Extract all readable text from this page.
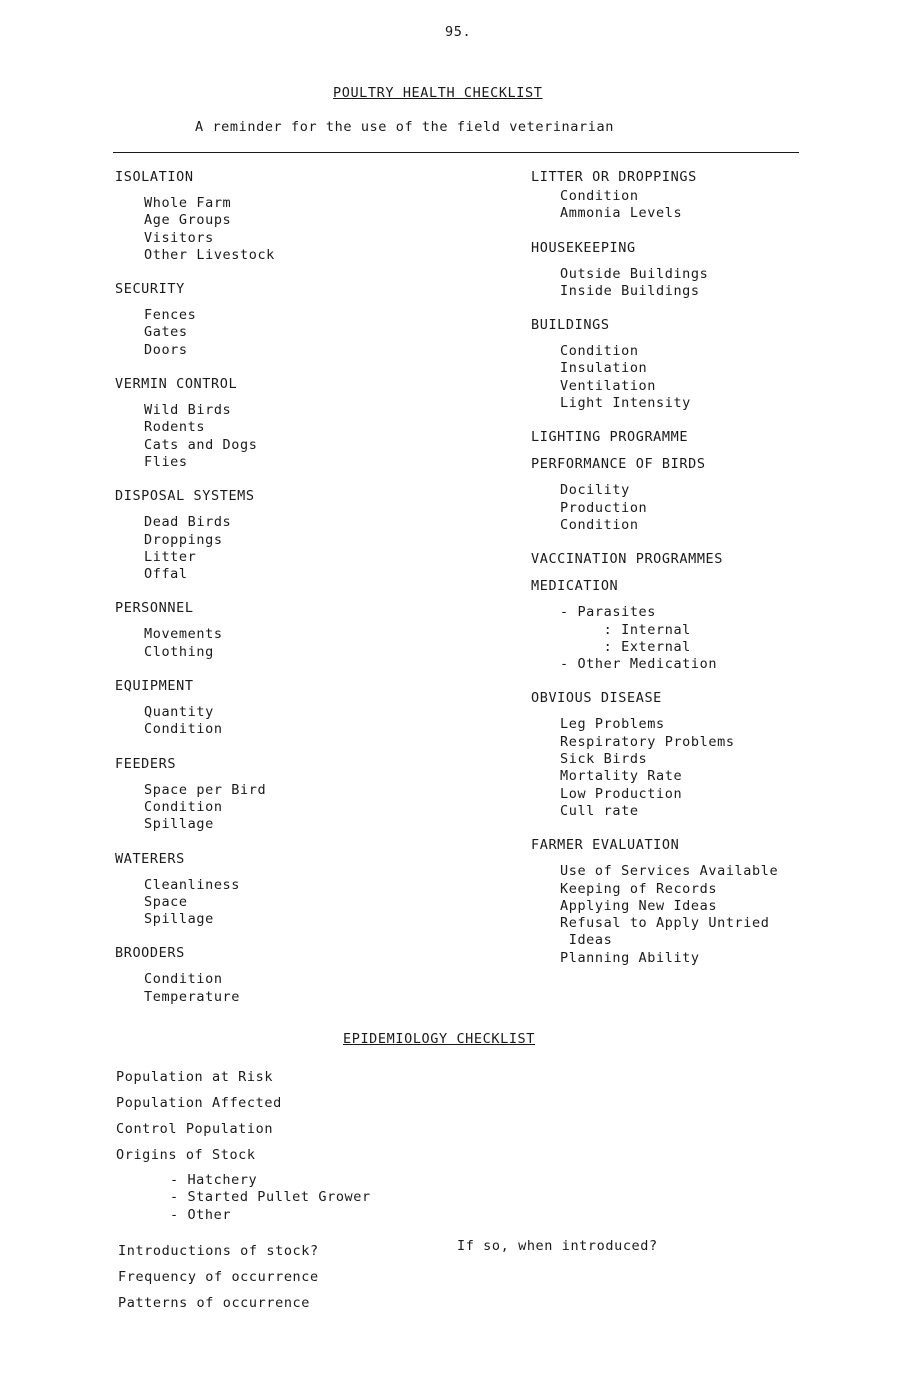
95.
POULTRY HEALTH CHECKLIST
A reminder for the use of the field veterinarian
ISOLATION
Whole Farm
Age Groups
Visitors
Other Livestock
SECURITY
Fences
Gates
Doors
VERMIN CONTROL
Wild Birds
Rodents
Cats and Dogs
Flies
DISPOSAL SYSTEMS
Dead Birds
Droppings
Litter
Offal
PERSONNEL
Movements
Clothing
EQUIPMENT
Quantity
Condition
FEEDERS
Space per Bird
Condition
Spillage
WATERERS
Cleanliness
Space
Spillage
BROODERS
Condition
Temperature
LITTER OR DROPPINGS
Condition
Ammonia Levels
HOUSEKEEPING
Outside Buildings
Inside Buildings
BUILDINGS
Condition
Insulation
Ventilation
Light Intensity
LIGHTING PROGRAMME
PERFORMANCE OF BIRDS
Docility
Production
Condition
VACCINATION PROGRAMMES
MEDICATION
- Parasites
: Internal
: External
- Other Medication
OBVIOUS DISEASE
Leg Problems
Respiratory Problems
Sick Birds
Mortality Rate
Low Production
Cull rate
FARMER EVALUATION
Use of Services Available
Keeping of Records
Applying New Ideas
Refusal to Apply Untried
Ideas
Planning Ability
EPIDEMIOLOGY CHECKLIST
Population at Risk
Population Affected
Control Population
Origins of Stock
- Hatchery
- Started Pullet Grower
- Other
Introductions of stock?
Frequency of occurrence
Patterns of occurrence
If so, when introduced?
